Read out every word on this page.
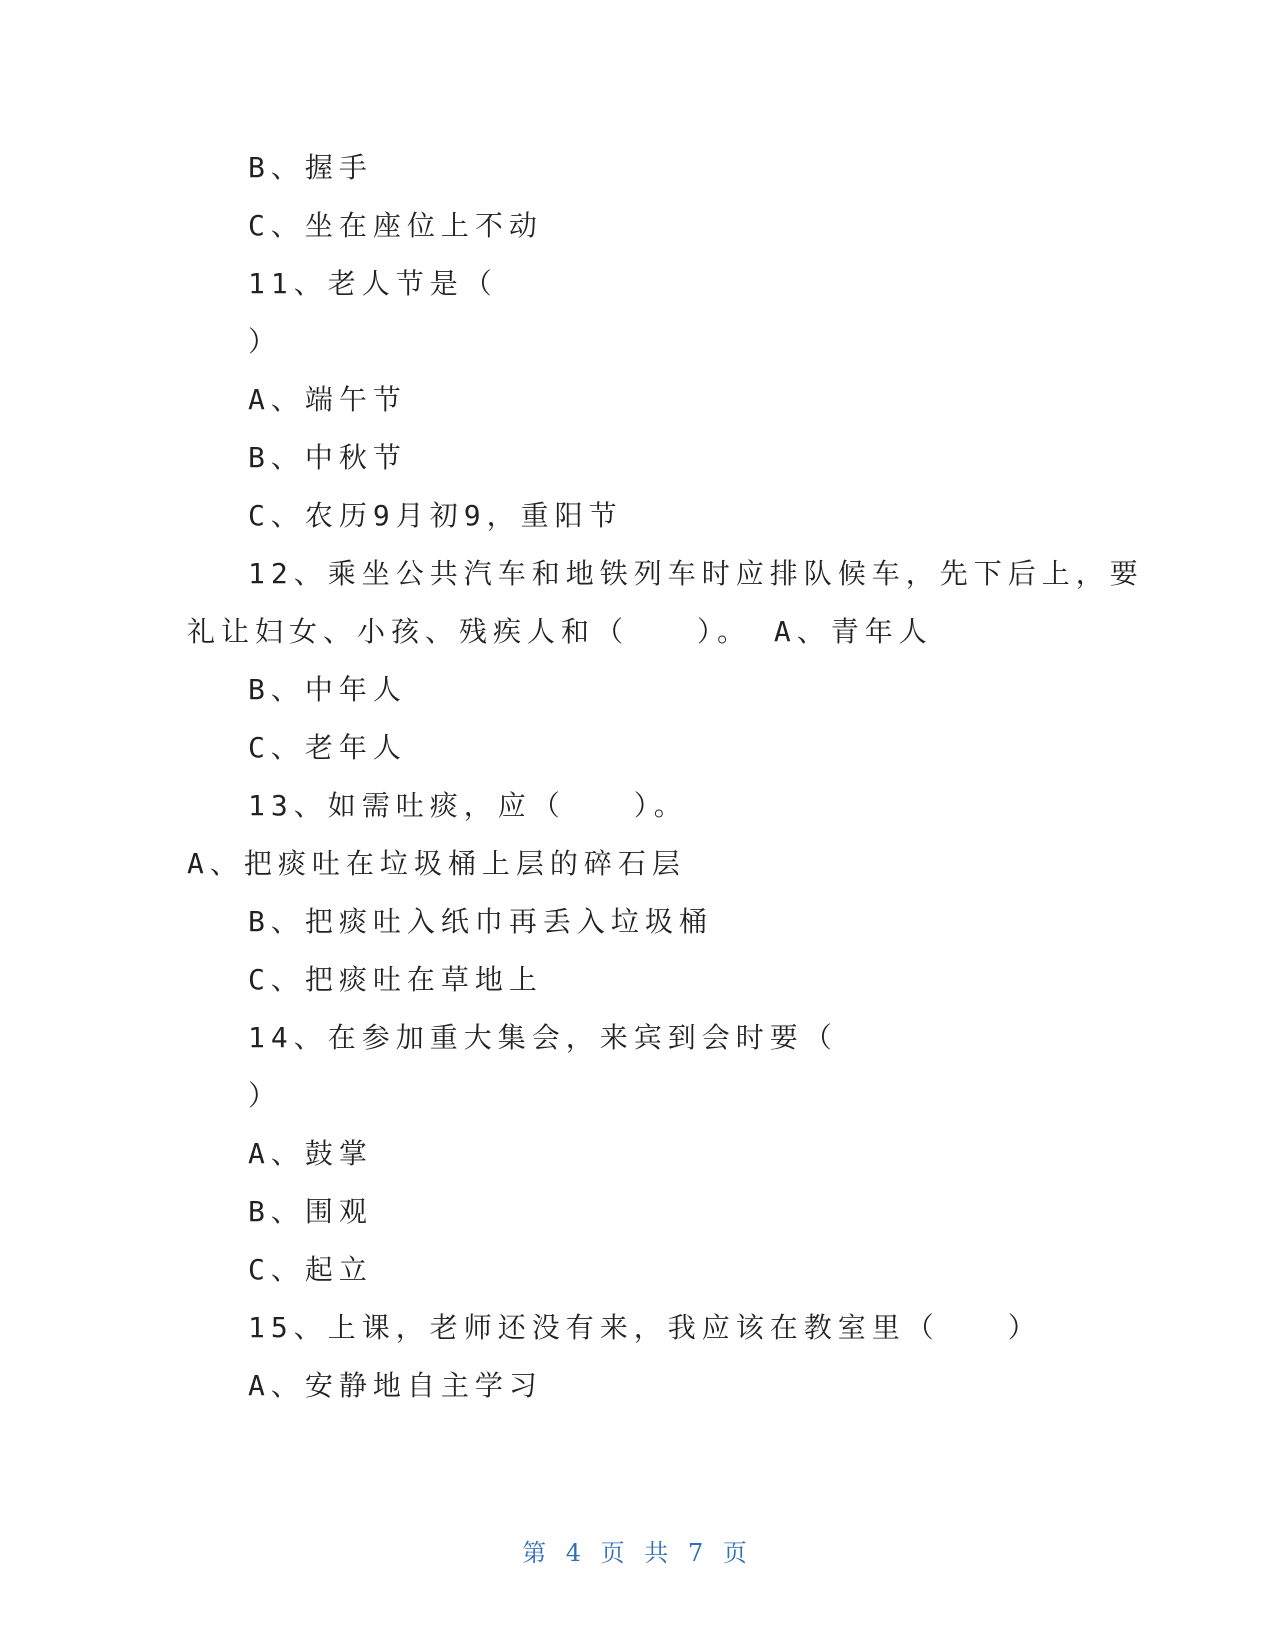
B、握手
C、坐在座位上不动
11、老人节是（
）
A、端午节
B、中秋节
C、农历9月初9，重阳节
12、乘坐公共汽车和地铁列车时应排队候车，先下后上，要
礼让妇女、小孩、残疾人和（　　）。 A、青年人
B、中年人
C、老年人
13、如需吐痰，应（　　）。
A、把痰吐在垃圾桶上层的碎石层
B、把痰吐入纸巾再丢入垃圾桶
C、把痰吐在草地上
14、在参加重大集会，来宾到会时要（
）
A、鼓掌
B、围观
C、起立
15、上课，老师还没有来，我应该在教室里（　　）
A、安静地自主学习
第 4 页 共 7 页
